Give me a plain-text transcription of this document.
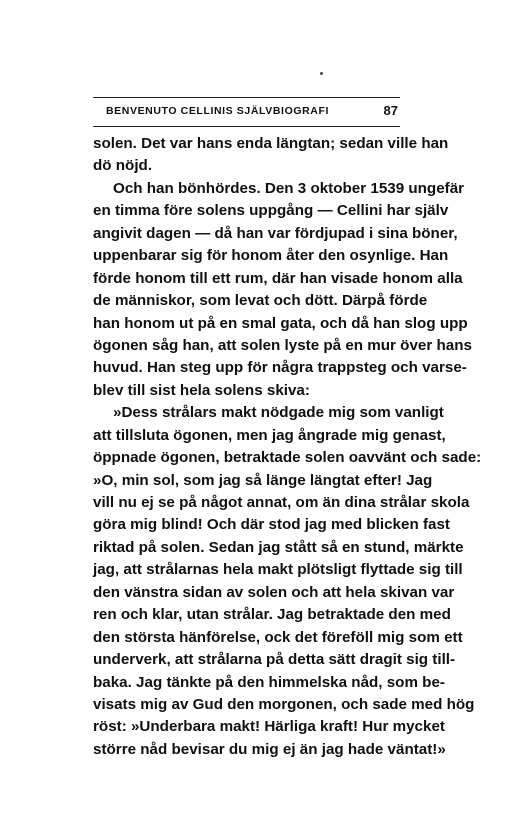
BENVENUTO CELLINIS SJÄLVBIOGRAFI	87
solen. Det var hans enda längtan; sedan ville han
dö nöjd.
Och han bönhördes. Den 3 oktober 1539 ungefär
en timma före solens uppgång — Cellini har själv
angivit dagen — då han var fördjupad i sina böner,
uppenbarar sig för honom åter den osynlige. Han
förde honom till ett rum, där han visade honom alla
de människor, som levat och dött. Därpå förde
han honom ut på en smal gata, och då han slog upp
ögonen såg han, att solen lyste på en mur över hans
huvud. Han steg upp för några trappsteg och varse-
blev till sist hela solens skiva:
»Dess strålars makt nödgade mig som vanligt
att tillsluta ögonen, men jag ångrade mig genast,
öppnade ögonen, betraktade solen oavvänt och sade:
»O, min sol, som jag så länge längtat efter! Jag
vill nu ej se på något annat, om än dina strålar skola
göra mig blind! Och där stod jag med blicken fast
riktad på solen. Sedan jag stått så en stund, märkte
jag, att strålarnas hela makt plötsligt flyttade sig till
den vänstra sidan av solen och att hela skivan var
ren och klar, utan strålar. Jag betraktade den med
den största hänförelse, ock det föreföll mig som ett
underverk, att strålarna på detta sätt dragit sig till-
baka. Jag tänkte på den himmelska nåd, som be-
visats mig av Gud den morgonen, och sade med hög
röst: »Underbara makt! Härliga kraft! Hur mycket
större nåd bevisar du mig ej än jag hade väntat!»
